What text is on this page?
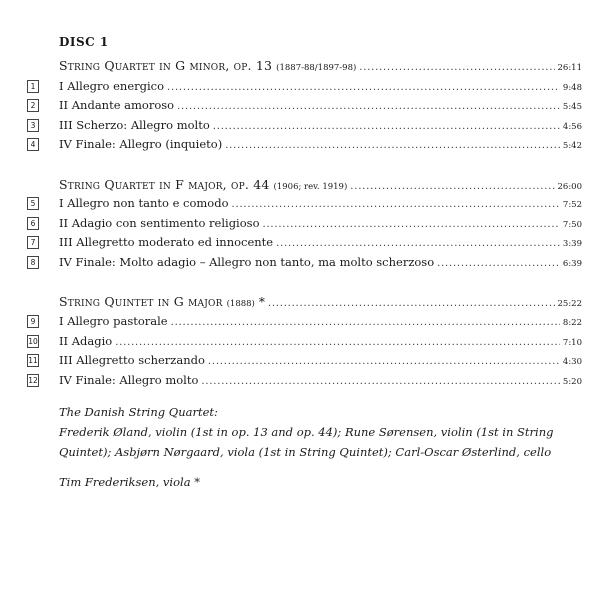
DISC 1
String Quartet in G minor, op. 13 (1887-88/1897-98) . . .	26:11
1	I Allegro energico . . .	9:48
2	II Andante amoroso . . .	5:45
3	III Scherzo: Allegro molto . . .	4:56
4	IV Finale: Allegro (inquieto) . . .	5:42
String Quartet in F major, op. 44 (1906; rev. 1919) . . .	26:00
5	I Allegro non tanto e comodo . . .	7:52
6	II Adagio con sentimento religioso . . .	7:50
7	III Allegretto moderato ed innocente . . .	3:39
8	IV Finale: Molto adagio – Allegro non tanto, ma molto scherzoso . . .	6:39
String Quintet in G major (1888) * . . .	25:22
9	I Allegro pastorale . . .	8:22
10 II Adagio . . .	7:10
11 III Allegretto scherzando . . .	4:30
12 IV Finale: Allegro molto . . .	5:20
The Danish String Quartet:
Frederik Øland, violin (1st in op. 13 and op. 44); Rune Sørensen, violin (1st in String
Quintet); Asbjørn Nørgaard, viola (1st in String Quintet); Carl-Oscar Østerlind, cello
Tim Frederiksen, viola *
